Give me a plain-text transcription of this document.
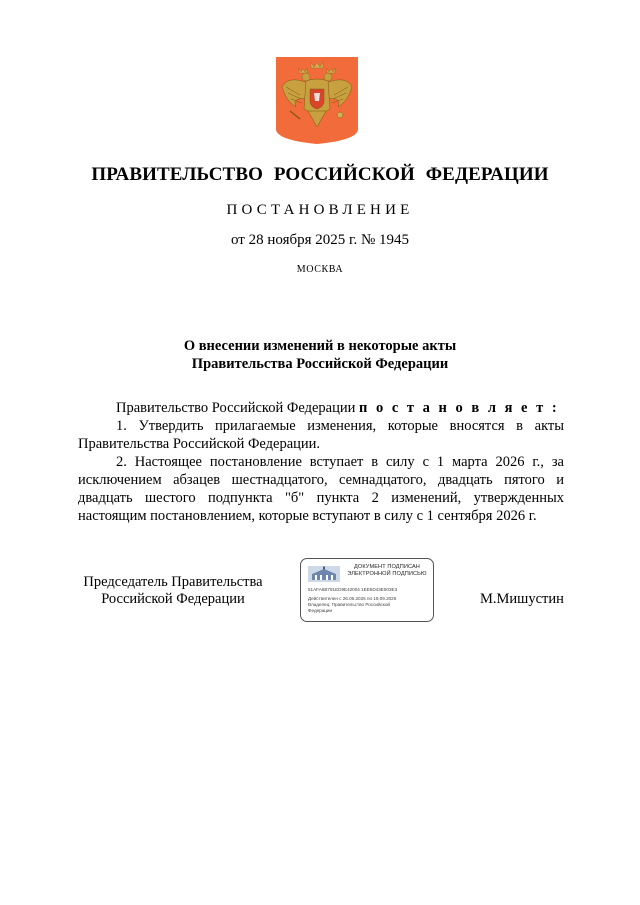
ПРАВИТЕЛЬСТВО РОССИЙСКОЙ ФЕДЕРАЦИИ
ПОСТАНОВЛЕНИЕ
от 28 ноября 2025 г. № 1945
МОСКВА
О внесении изменений в некоторые акты
Правительства Российской Федерации

Правительство Российской Федерации п о с т а н о в л я е т :

1. Утвердить прилагаемые изменения, которые вносятся в акты Правительства Российской Федерации.

2. Настоящее постановление вступает в силу с 1 марта 2026 г., за исключением абзацев шестнадцатого, семнадцатого, двадцать пятого и двадцать шестого подпункта "б" пункта 2 изменений, утвержденных настоящим постановлением, которые вступают в силу с 1 сентября 2026 г.

Председатель Правительства
Российской Федерации
ДОКУМЕНТ ПОДПИСАН
ЭЛЕКТРОННОЙ ПОДПИСЬЮ
51AFA6B781ED9E42004 1EE5D43E503E3
Действителен с 26.06.2025 по 19.09.2026
Владелец: Правительство Российской
Федерации
М.Мишустин
